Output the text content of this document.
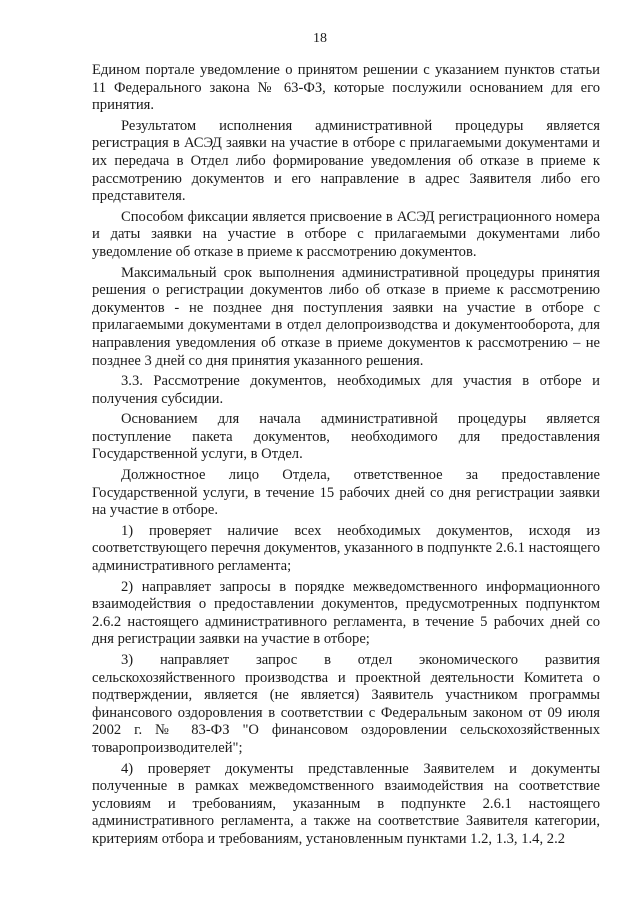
18

Едином портале уведомление о принятом решении с указанием пунктов статьи 11 Федерального закона № 63-ФЗ, которые послужили основанием для его принятия.

Результатом исполнения административной процедуры является регистрация в АСЭД заявки на участие в отборе с прилагаемыми документами и их передача в Отдел либо формирование уведомления об отказе в приеме к рассмотрению документов и его направление в адрес Заявителя либо его представителя.

Способом фиксации является присвоение в АСЭД регистрационного номера и даты заявки на участие в отборе с прилагаемыми документами либо уведомление об отказе в приеме к рассмотрению документов.

Максимальный срок выполнения административной процедуры принятия решения о регистрации документов либо об отказе в приеме к рассмотрению документов - не позднее дня поступления заявки на участие в отборе с прилагаемыми документами в отдел делопроизводства и документооборота, для направления уведомления об отказе в приеме документов к рассмотрению – не позднее 3 дней со дня принятия указанного решения.

3.3. Рассмотрение документов, необходимых для участия в отборе и получения субсидии.

Основанием для начала административной процедуры является поступление пакета документов, необходимого для предоставления Государственной услуги, в Отдел.

Должностное лицо Отдела, ответственное за предоставление Государственной услуги, в течение 15 рабочих дней со дня регистрации заявки на участие в отборе.

1) проверяет наличие всех необходимых документов, исходя из соответствующего перечня документов, указанного в подпункте 2.6.1 настоящего административного регламента;

2) направляет запросы в порядке межведомственного информационного взаимодействия о предоставлении документов, предусмотренных подпунктом 2.6.2 настоящего административного регламента, в течение 5 рабочих дней со дня регистрации заявки на участие в отборе;

3) направляет запрос в отдел экономического развития сельскохозяйственного производства и проектной деятельности Комитета о подтверждении, является (не является) Заявитель участником программы финансового оздоровления в соответствии с Федеральным законом от 09 июля 2002 г. № 83-ФЗ "О финансовом оздоровлении сельскохозяйственных товаропроизводителей";

4) проверяет документы представленные Заявителем и документы полученные в рамках межведомственного взаимодействия на соответствие условиям и требованиям, указанным в подпункте 2.6.1 настоящего административного регламента, а также на соответствие Заявителя категории, критериям отбора и требованиям, установленным пунктами 1.2, 1.3, 1.4, 2.2
